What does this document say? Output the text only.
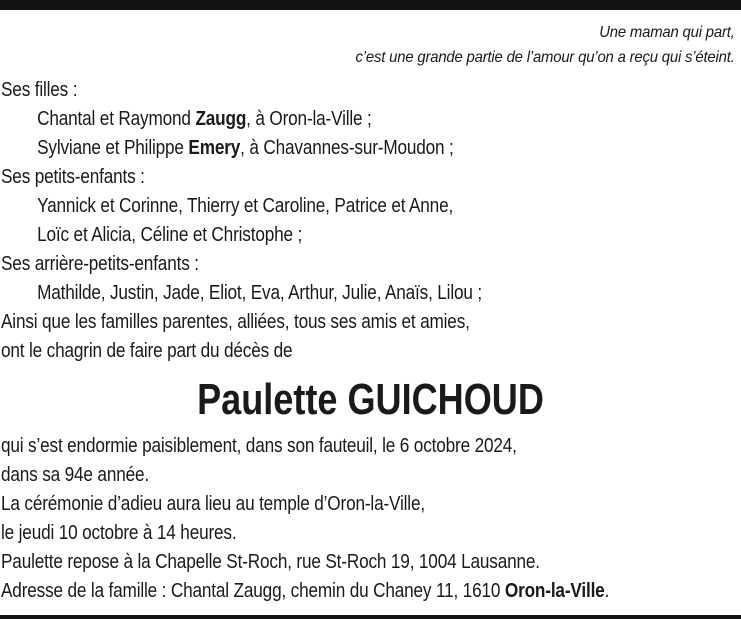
Une maman qui part,
c’est une grande partie de l’amour qu’on a reçu qui s’éteint.
Ses filles :
Chantal et Raymond Zaugg, à Oron-la-Ville ;
Sylviane et Philippe Emery, à Chavannes-sur-Moudon ;
Ses petits-enfants :
Yannick et Corinne, Thierry et Caroline, Patrice et Anne,
Loïc et Alicia, Céline et Christophe ;
Ses arrière-petits-enfants :
Mathilde, Justin, Jade, Eliot, Eva, Arthur, Julie, Anaïs, Lilou ;
Ainsi que les familles parentes, alliées, tous ses amis et amies,
ont le chagrin de faire part du décès de
Paulette GUICHOUD
qui s’est endormie paisiblement, dans son fauteuil, le 6 octobre 2024,
dans sa 94e année.
La cérémonie d’adieu aura lieu au temple d’Oron-la-Ville,
le jeudi 10 octobre à 14 heures.
Paulette repose à la Chapelle St-Roch, rue St-Roch 19, 1004 Lausanne.
Adresse de la famille : Chantal Zaugg, chemin du Chaney 11, 1610 Oron-la-Ville.
